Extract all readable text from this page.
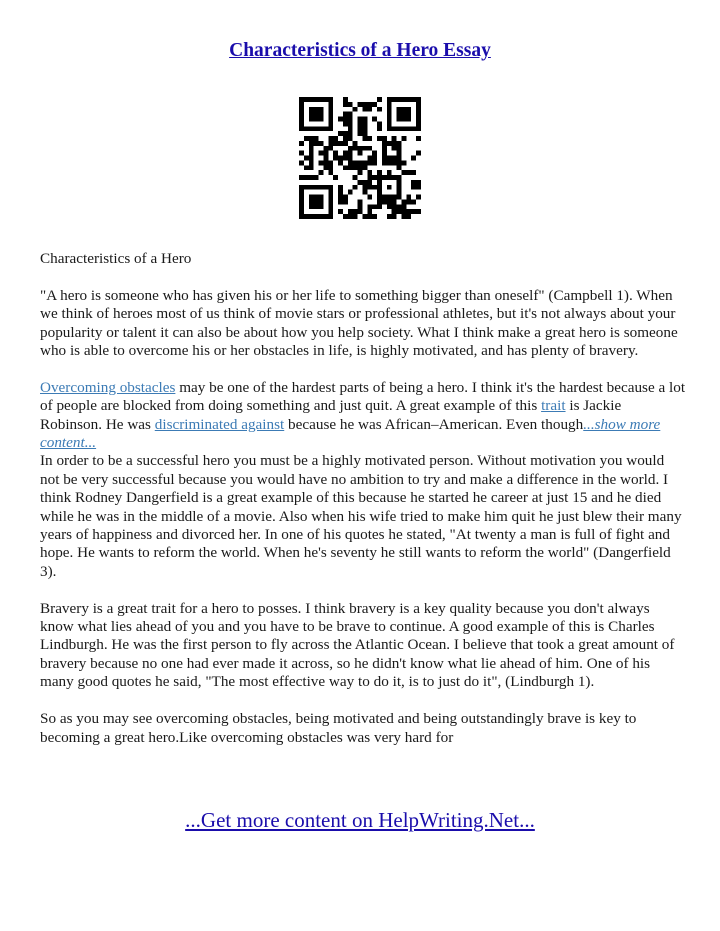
Characteristics of a Hero Essay

Characteristics of a Hero

"A hero is someone who has given his or her life to something bigger than oneself" (Campbell 1). When we think of heroes most of us think of movie stars or professional athletes, but it's not always about your popularity or talent it can also be about how you help society. What I think make a great hero is someone who is able to overcome his or her obstacles in life, is highly motivated, and has plenty of bravery.

Overcoming obstacles may be one of the hardest parts of being a hero. I think it's the hardest because a lot of people are blocked from doing something and just quit. A great example of this trait is Jackie Robinson. He was discriminated against because he was African–American. Even though...show more content...

In order to be a successful hero you must be a highly motivated person. Without motivation you would not be very successful because you would have no ambition to try and make a difference in the world. I think Rodney Dangerfield is a great example of this because he started he career at just 15 and he died while he was in the middle of a movie. Also when his wife tried to make him quit he just blew their many years of happiness and divorced her. In one of his quotes he stated, "At twenty a man is full of fight and hope. He wants to reform the world. When he's seventy he still wants to reform the world" (Dangerfield 3).

Bravery is a great trait for a hero to posses. I think bravery is a key quality because you don't always know what lies ahead of you and you have to be brave to continue. A good example of this is Charles Lindburgh. He was the first person to fly across the Atlantic Ocean. I believe that took a great amount of bravery because no one had ever made it across, so he didn't know what lie ahead of him. One of his many good quotes he said, "The most effective way to do it, is to just do it", (Lindburgh 1).

So as you may see overcoming obstacles, being motivated and being outstandingly brave is key to becoming a great hero.Like overcoming obstacles was very hard for

...Get more content on HelpWriting.Net...
